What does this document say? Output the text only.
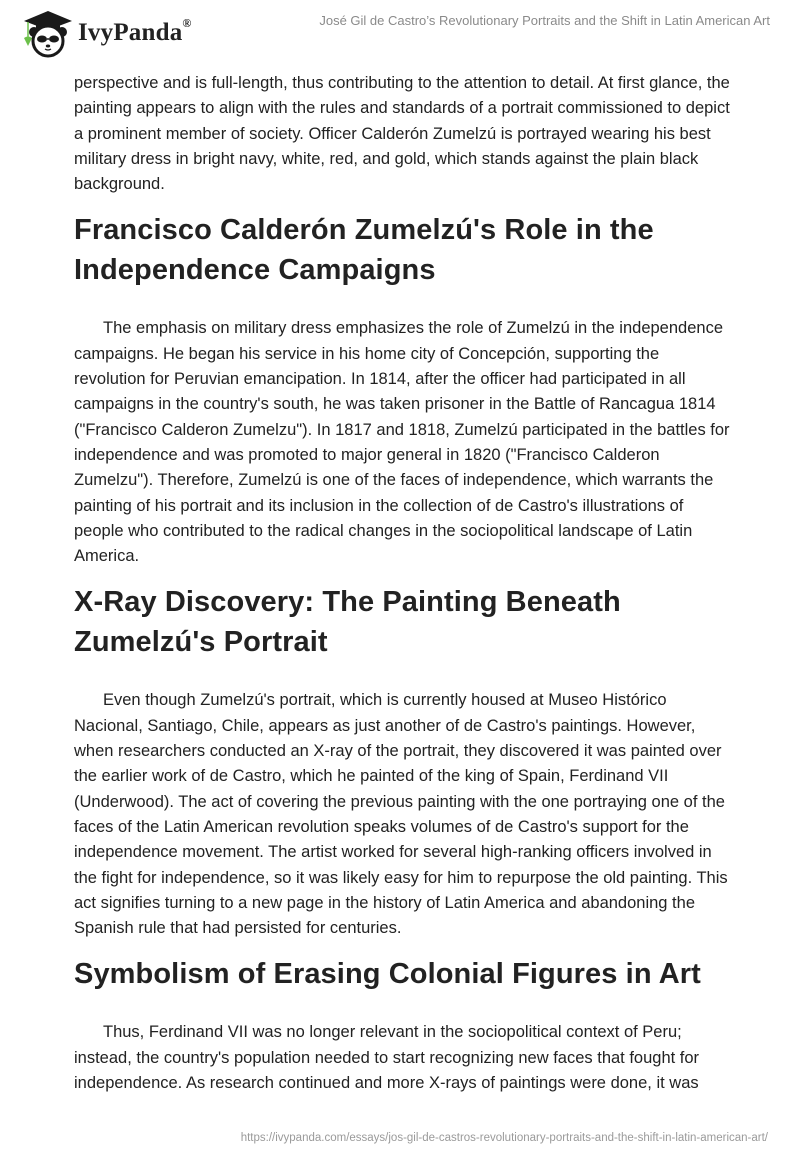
IvyPanda®	José Gil de Castro’s Revolutionary Portraits and the Shift in Latin American Art

perspective and is full-length, thus contributing to the attention to detail. At first glance, the painting appears to align with the rules and standards of a portrait commissioned to depict a prominent member of society. Officer Calderón Zumelzú is portrayed wearing his best military dress in bright navy, white, red, and gold, which stands against the plain black background.

Francisco Calderón Zumelzú's Role in the Independence Campaigns

The emphasis on military dress emphasizes the role of Zumelzú in the independence campaigns. He began his service in his home city of Concepción, supporting the revolution for Peruvian emancipation. In 1814, after the officer had participated in all campaigns in the country's south, he was taken prisoner in the Battle of Rancagua 1814 ("Francisco Calderon Zumelzu"). In 1817 and 1818, Zumelzú participated in the battles for independence and was promoted to major general in 1820 ("Francisco Calderon Zumelzu"). Therefore, Zumelzú is one of the faces of independence, which warrants the painting of his portrait and its inclusion in the collection of de Castro's illustrations of people who contributed to the radical changes in the sociopolitical landscape of Latin America.

X-Ray Discovery: The Painting Beneath Zumelzú's Portrait

Even though Zumelzú's portrait, which is currently housed at Museo Histórico Nacional, Santiago, Chile, appears as just another of de Castro's paintings. However, when researchers conducted an X-ray of the portrait, they discovered it was painted over the earlier work of de Castro, which he painted of the king of Spain, Ferdinand VII (Underwood). The act of covering the previous painting with the one portraying one of the faces of the Latin American revolution speaks volumes of de Castro's support for the independence movement. The artist worked for several high-ranking officers involved in the fight for independence, so it was likely easy for him to repurpose the old painting. This act signifies turning to a new page in the history of Latin America and abandoning the Spanish rule that had persisted for centuries.

Symbolism of Erasing Colonial Figures in Art

Thus, Ferdinand VII was no longer relevant in the sociopolitical context of Peru; instead, the country's population needed to start recognizing new faces that fought for independence. As research continued and more X-rays of paintings were done, it was

https://ivypanda.com/essays/jos-gil-de-castros-revolutionary-portraits-and-the-shift-in-latin-american-art/
